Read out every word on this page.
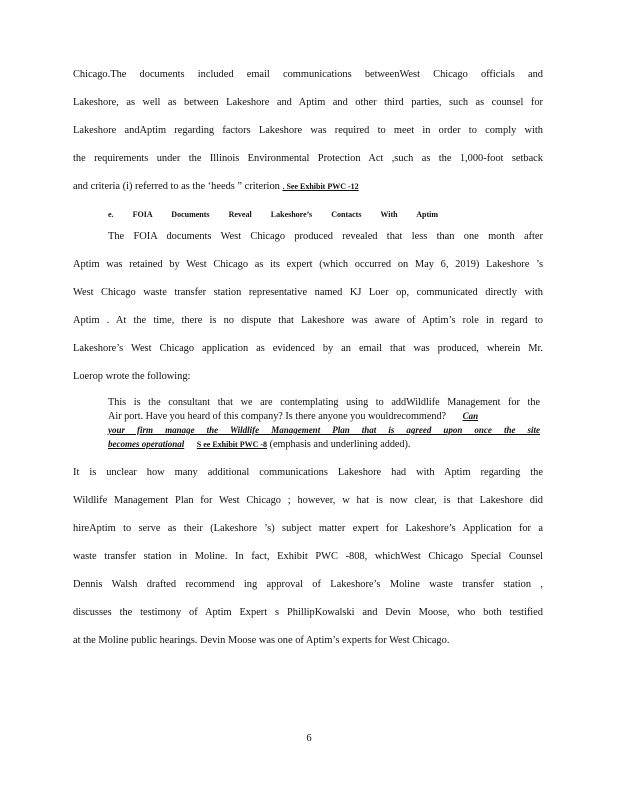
Chicago.The documents included email communications betweenWest Chicago officials and
Lakeshore, as well as between Lakeshore and Aptim and other third parties, such as counsel for
Lakeshore andAptim regarding factors Lakeshore was required to meet in order to comply with
the requirements under the Illinois Environmental Protection Act ,such as the 1,000-foot setback
and criteria (i) referred to as the ‘heeds ” criterion . See Exhibit PWC -12
e. FOIA Documents Reveal Lakeshore’s Contacts With Aptim
The FOIA documents West Chicago produced revealed that less than one month after
Aptim was retained by West Chicago as its expert (which occurred on May 6, 2019) Lakeshore ’s
West Chicago waste transfer station representative named KJ Loer op, communicated directly with
Aptim . At the time, there is no dispute that Lakeshore was aware of Aptim’s role in regard to
Lakeshore’s West Chicago application as evidenced by an email that was produced, wherein Mr.
Loerop wrote the following:
This is the consultant that we are contemplating using to addWildlife Management for the
Air port. Have you heard of this company? Is there anyone you wouldrecommend? Can
your firm manage the Wildlife Management Plan that is agreed upon once the site
becomes operational S ee Exhibit PWC -8 (emphasis and underlining added).
It is unclear how many additional communications Lakeshore had with Aptim regarding the
Wildlife Management Plan for West Chicago ; however, w hat is now clear, is that Lakeshore did
hireAptim to serve as their (Lakeshore ’s) subject matter expert for Lakeshore’s Application for a
waste transfer station in Moline. In fact, Exhibit PWC -808, whichWest Chicago Special Counsel
Dennis Walsh drafted recommend ing approval of Lakeshore’s Moline waste transfer station ,
discusses the testimony of Aptim Expert s PhillipKowalski and Devin Moose, who both testified
at the Moline public hearings. Devin Moose was one of Aptim’s experts for West Chicago.
6
